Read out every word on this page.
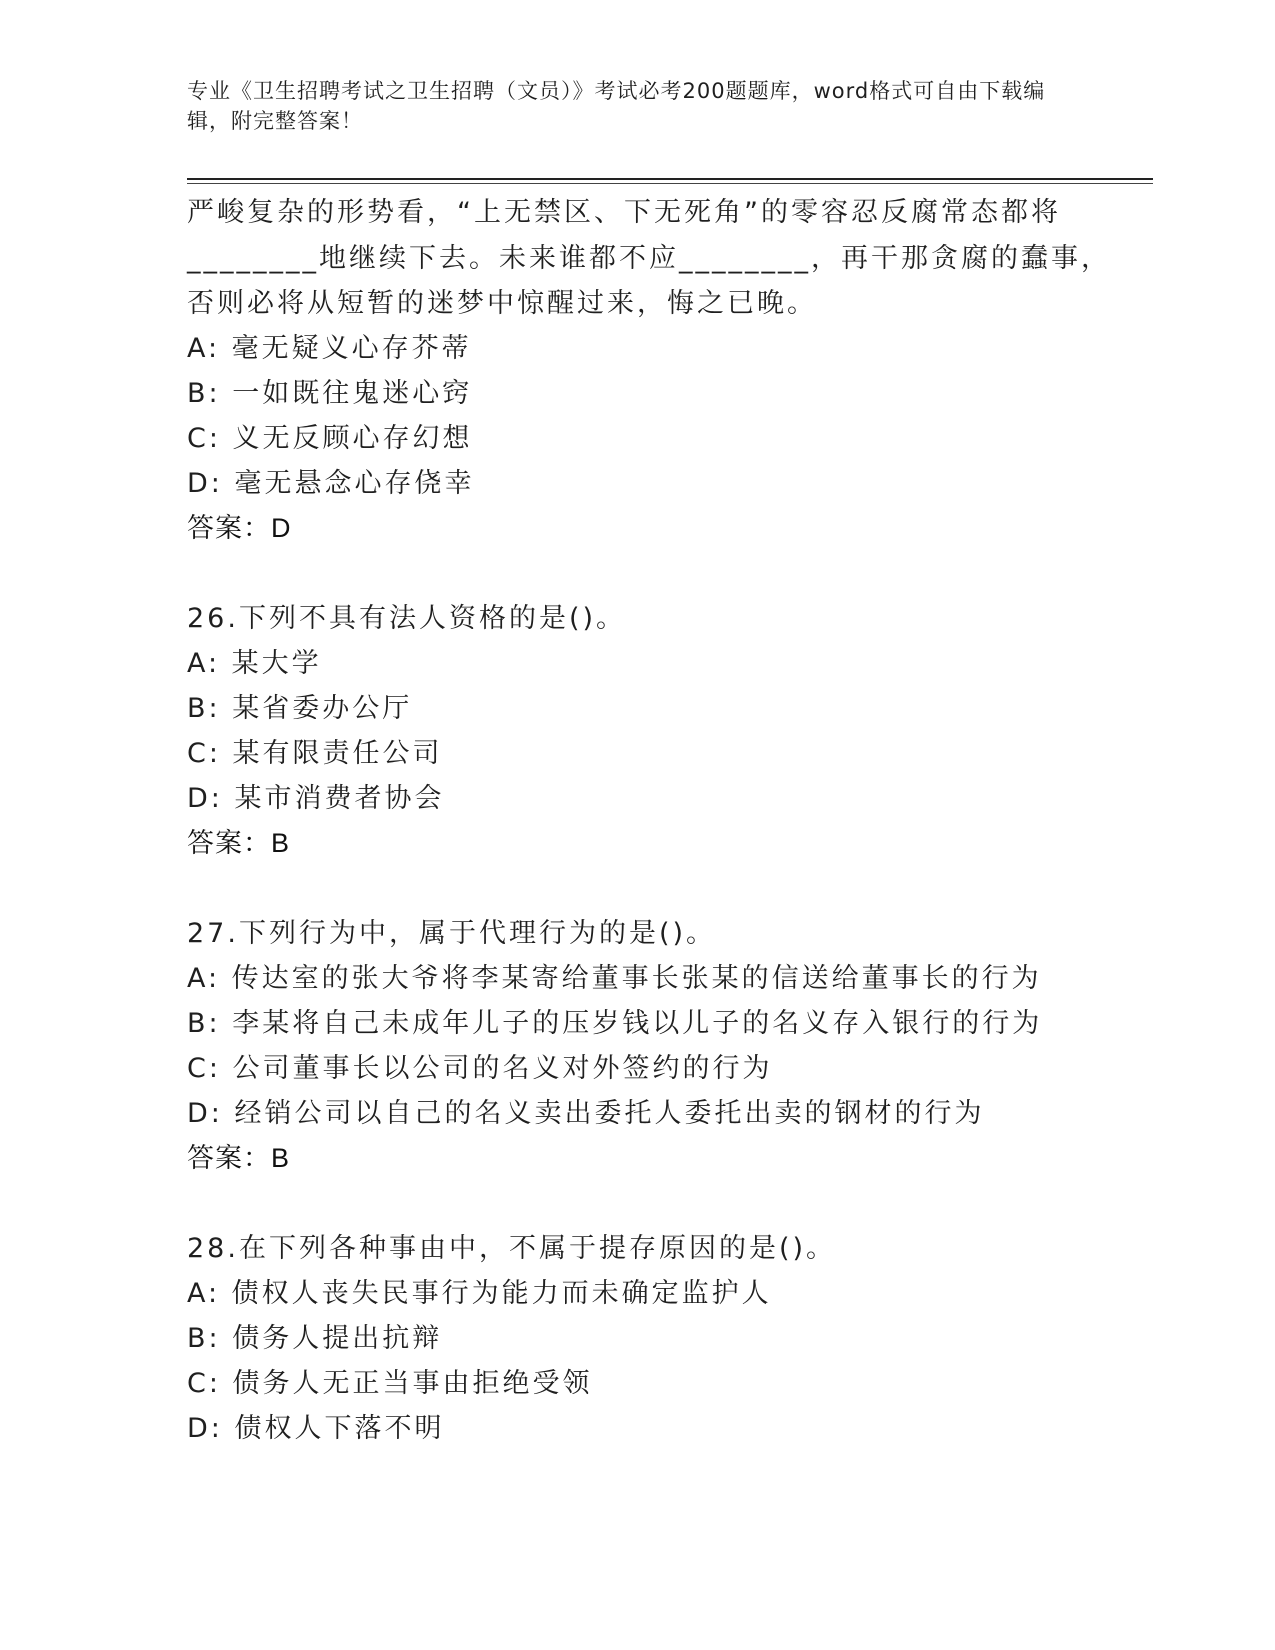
专业《卫生招聘考试之卫生招聘（文员）》考试必考200题题库，word格式可自由下载编辑，附完整答案！
严峻复杂的形势看，“上无禁区、下无死角”的零容忍反腐常态都将
________地继续下去。未来谁都不应________，再干那贪腐的蠢事，
否则必将从短暂的迷梦中惊醒过来，悔之已晚。
A: 毫无疑义心存芥蒂
B: 一如既往鬼迷心窍
C: 义无反顾心存幻想
D: 毫无悬念心存侥幸
答案：D
26.下列不具有法人资格的是()。
A: 某大学
B: 某省委办公厅
C: 某有限责任公司
D: 某市消费者协会
答案：B
27.下列行为中，属于代理行为的是()。
A: 传达室的张大爷将李某寄给董事长张某的信送给董事长的行为
B: 李某将自己未成年儿子的压岁钱以儿子的名义存入银行的行为
C: 公司董事长以公司的名义对外签约的行为
D: 经销公司以自己的名义卖出委托人委托出卖的钢材的行为
答案：B
28.在下列各种事由中，不属于提存原因的是()。
A: 债权人丧失民事行为能力而未确定监护人
B: 债务人提出抗辩
C: 债务人无正当事由拒绝受领
D: 债权人下落不明
